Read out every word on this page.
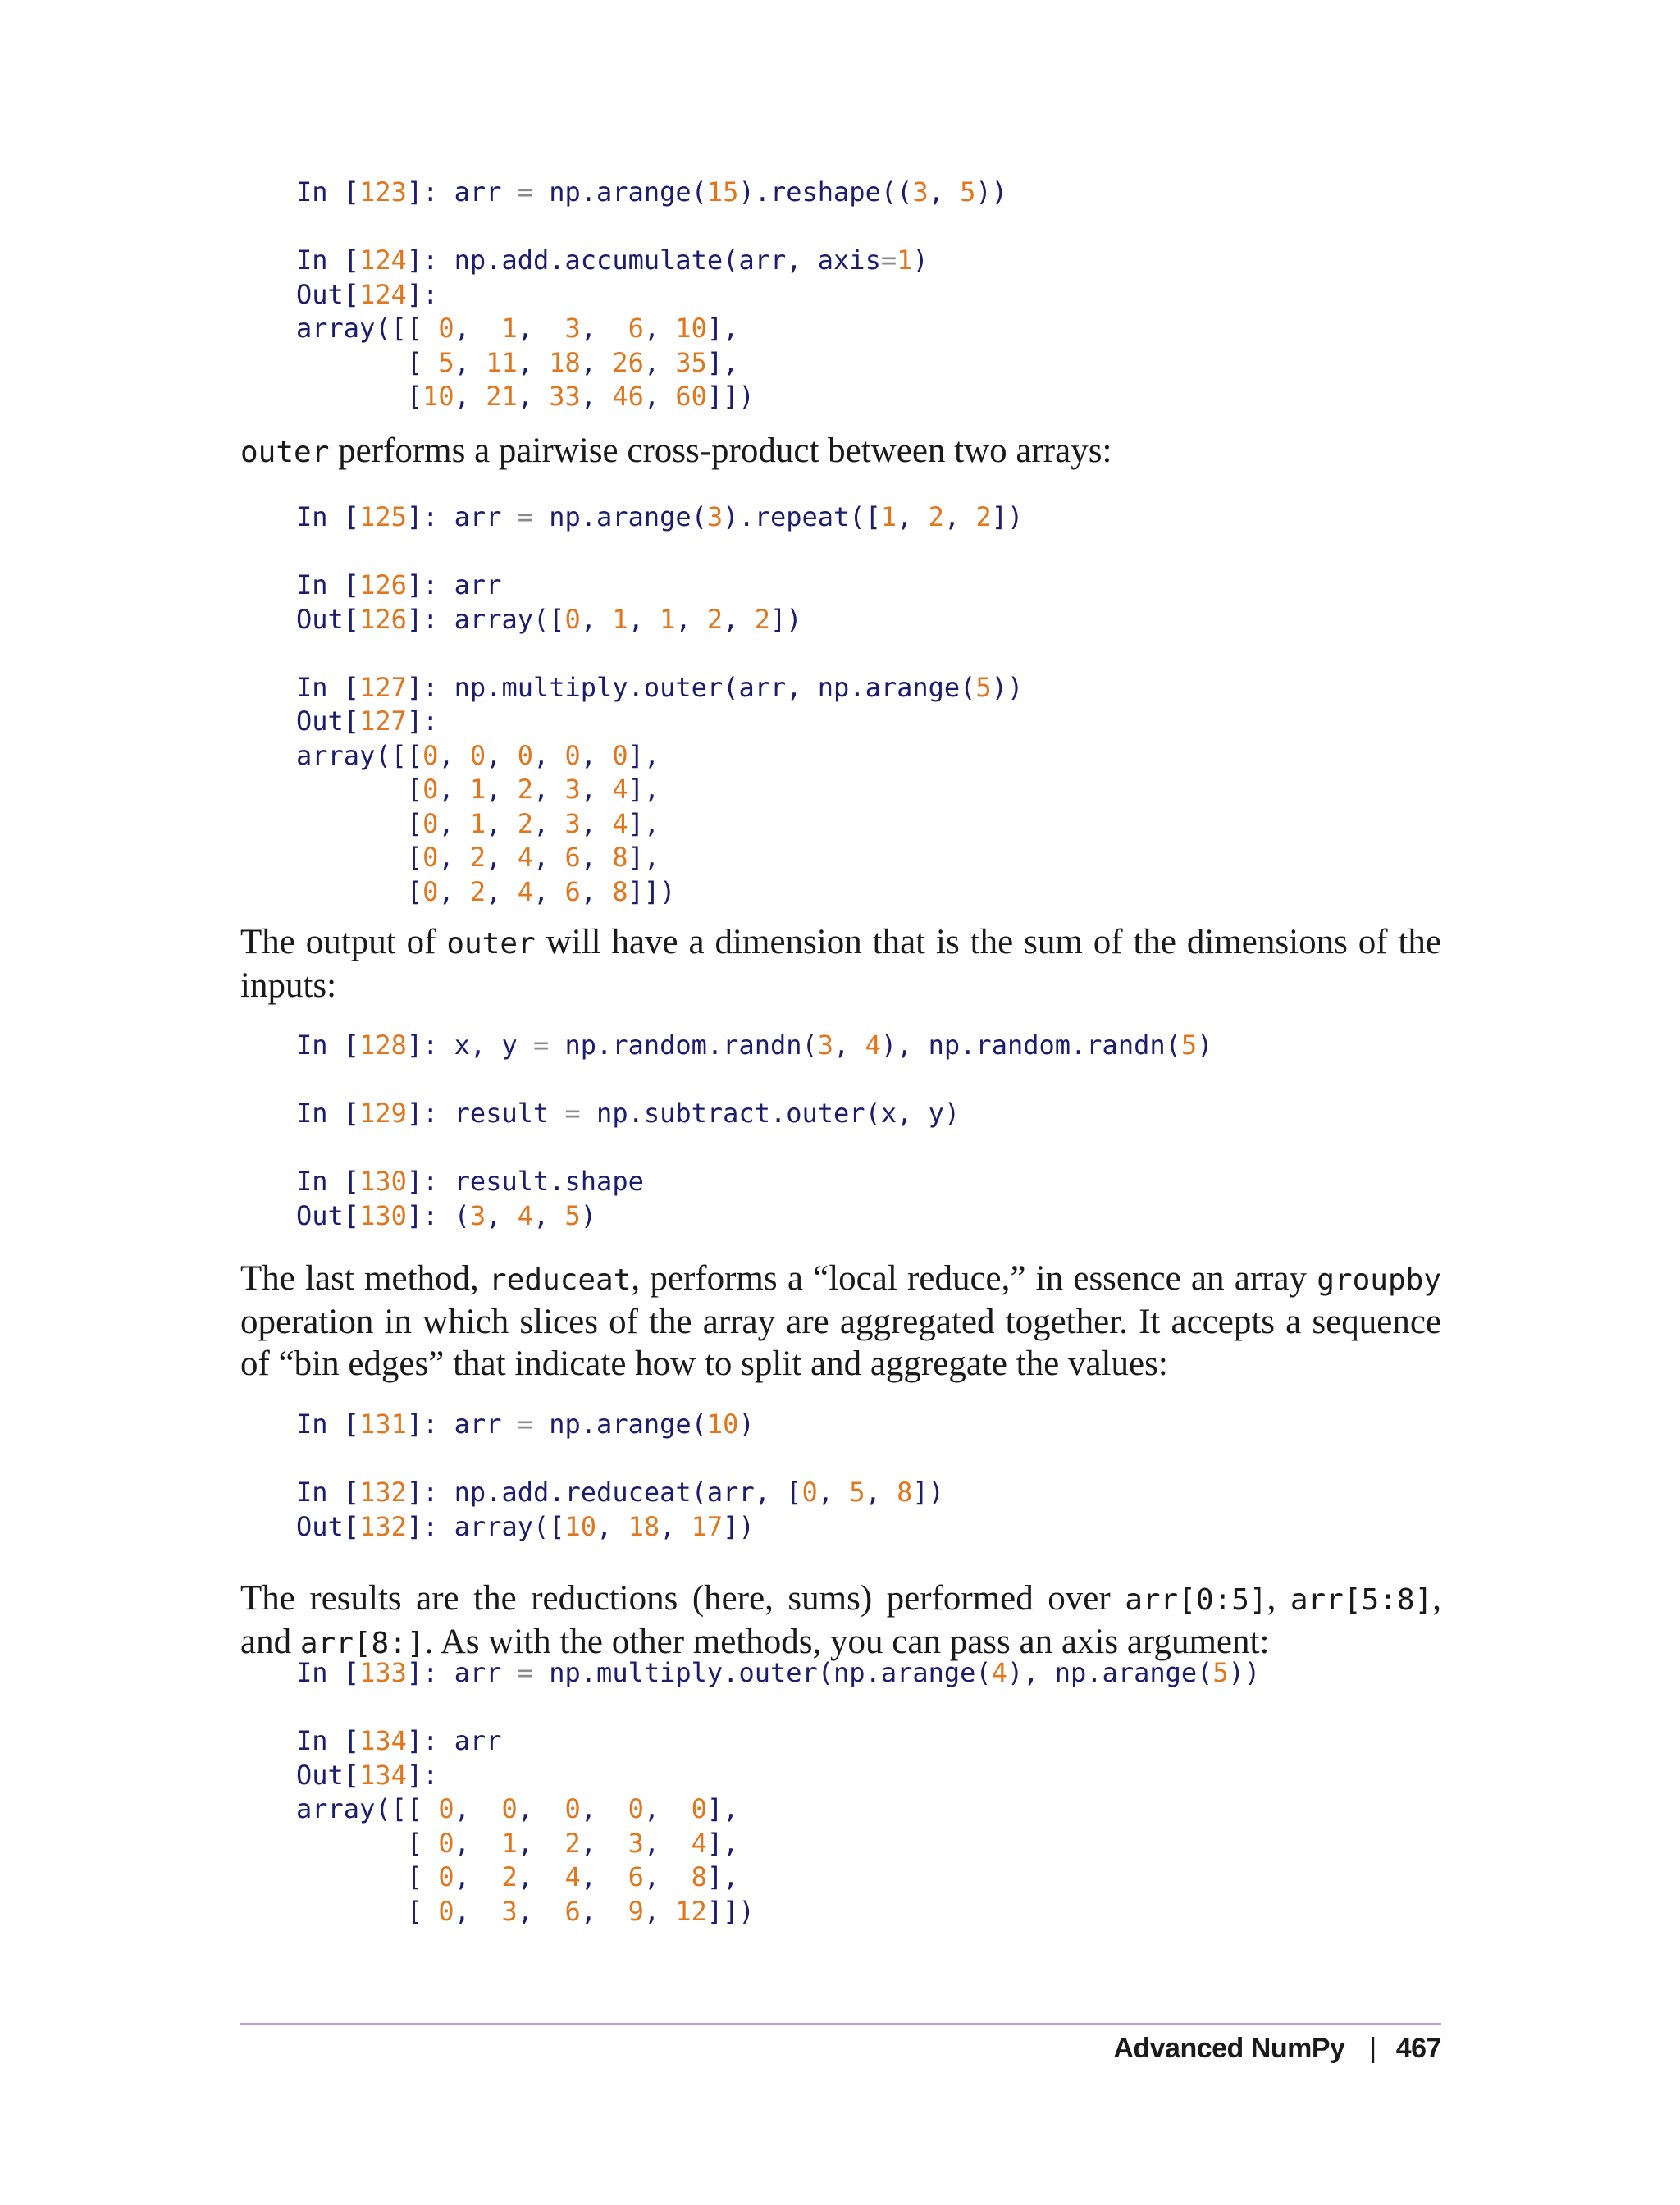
In [123]: arr = np.arange(15).reshape((3, 5))
In [124]: np.add.accumulate(arr, axis=1)
Out[124]:
array([[ 0,  1,  3,  6, 10],
[ 5, 11, 18, 26, 35],
[10, 21, 33, 46, 60]])

outer performs a pairwise cross-product between two arrays:

In [125]: arr = np.arange(3).repeat([1, 2, 2])
In [126]: arr
Out[126]: array([0, 1, 1, 2, 2])
In [127]: np.multiply.outer(arr, np.arange(5))
Out[127]:
array([[0, 0, 0, 0, 0],
[0, 1, 2, 3, 4],
[0, 1, 2, 3, 4],
[0, 2, 4, 6, 8],
[0, 2, 4, 6, 8]])

The output of outer will have a dimension that is the sum of the dimensions of the inputs:

In [128]: x, y = np.random.randn(3, 4), np.random.randn(5)
In [129]: result = np.subtract.outer(x, y)
In [130]: result.shape
Out[130]: (3, 4, 5)

The last method, reduceat, performs a “local reduce,” in essence an array groupby operation in which slices of the array are aggregated together. It accepts a sequence of “bin edges” that indicate how to split and aggregate the values:

In [131]: arr = np.arange(10)
In [132]: np.add.reduceat(arr, [0, 5, 8])
Out[132]: array([10, 18, 17])

The results are the reductions (here, sums) performed over arr[0:5], arr[5:8], and arr[8:]. As with the other methods, you can pass an axis argument:

In [133]: arr = np.multiply.outer(np.arange(4), np.arange(5))
In [134]: arr
Out[134]:
array([[ 0,  0,  0,  0,  0],
[ 0,  1,  2,  3,  4],
[ 0,  2,  4,  6,  8],
[ 0,  3,  6,  9, 12]])
Advanced NumPy | 467
